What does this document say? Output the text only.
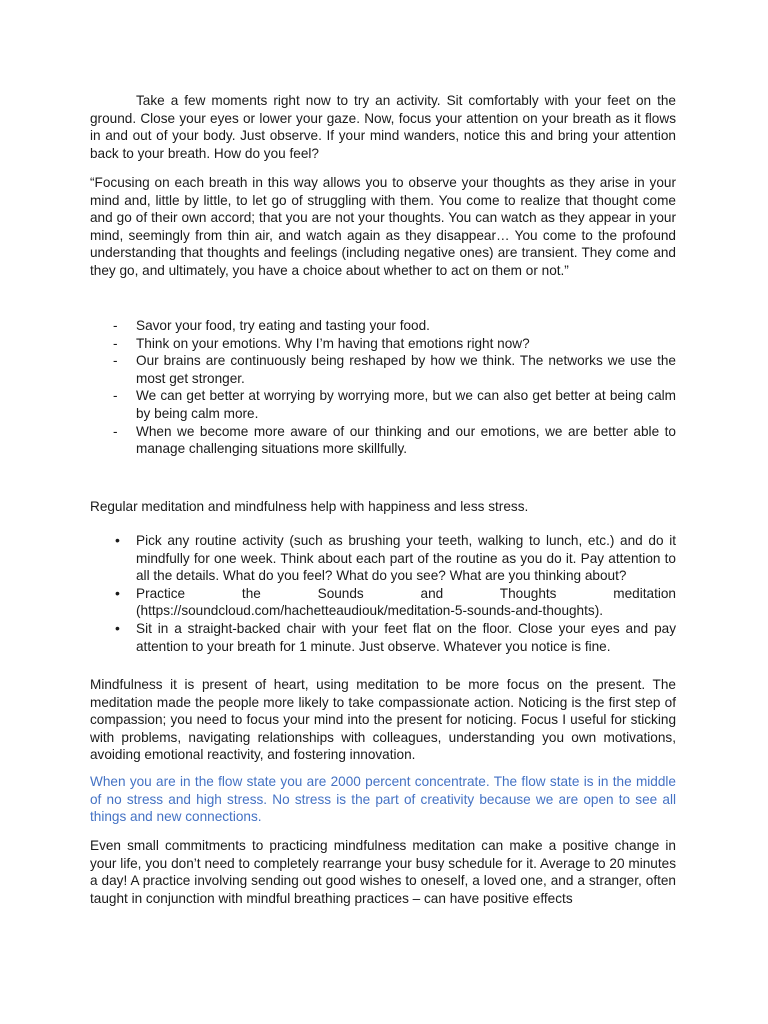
Take a few moments right now to try an activity. Sit comfortably with your feet on the ground. Close your eyes or lower your gaze. Now, focus your attention on your breath as it flows in and out of your body. Just observe. If your mind wanders, notice this and bring your attention back to your breath. How do you feel?

“Focusing on each breath in this way allows you to observe your thoughts as they arise in your mind and, little by little, to let go of struggling with them. You come to realize that thought come and go of their own accord; that you are not your thoughts. You can watch as they appear in your mind, seemingly from thin air, and watch again as they disappear… You come to the profound understanding that thoughts and feelings (including negative ones) are transient. They come and they go, and ultimately, you have a choice about whether to act on them or not.”

- Savor your food, try eating and tasting your food.
- Think on your emotions. Why I’m having that emotions right now?
- Our brains are continuously being reshaped by how we think. The networks we use the most get stronger.
- We can get better at worrying by worrying more, but we can also get better at being calm by being calm more.
- When we become more aware of our thinking and our emotions, we are better able to manage challenging situations more skillfully.

Regular meditation and mindfulness help with happiness and less stress.

• Pick any routine activity (such as brushing your teeth, walking to lunch, etc.) and do it mindfully for one week. Think about each part of the routine as you do it. Pay attention to all the details. What do you feel? What do you see? What are you thinking about?
• Practice the Sounds and Thoughts meditation (https://soundcloud.com/hachetteaudiouk/meditation-5-sounds-and-thoughts).
• Sit in a straight-backed chair with your feet flat on the floor. Close your eyes and pay attention to your breath for 1 minute. Just observe. Whatever you notice is fine.

Mindfulness it is present of heart, using meditation to be more focus on the present. The meditation made the people more likely to take compassionate action. Noticing is the first step of compassion; you need to focus your mind into the present for noticing. Focus I useful for sticking with problems, navigating relationships with colleagues, understanding you own motivations, avoiding emotional reactivity, and fostering innovation.

When you are in the flow state you are 2000 percent concentrate. The flow state is in the middle of no stress and high stress. No stress is the part of creativity because we are open to see all things and new connections.

Even small commitments to practicing mindfulness meditation can make a positive change in your life, you don’t need to completely rearrange your busy schedule for it. Average to 20 minutes a day! A practice involving sending out good wishes to oneself, a loved one, and a stranger, often taught in conjunction with mindful breathing practices – can have positive effects
